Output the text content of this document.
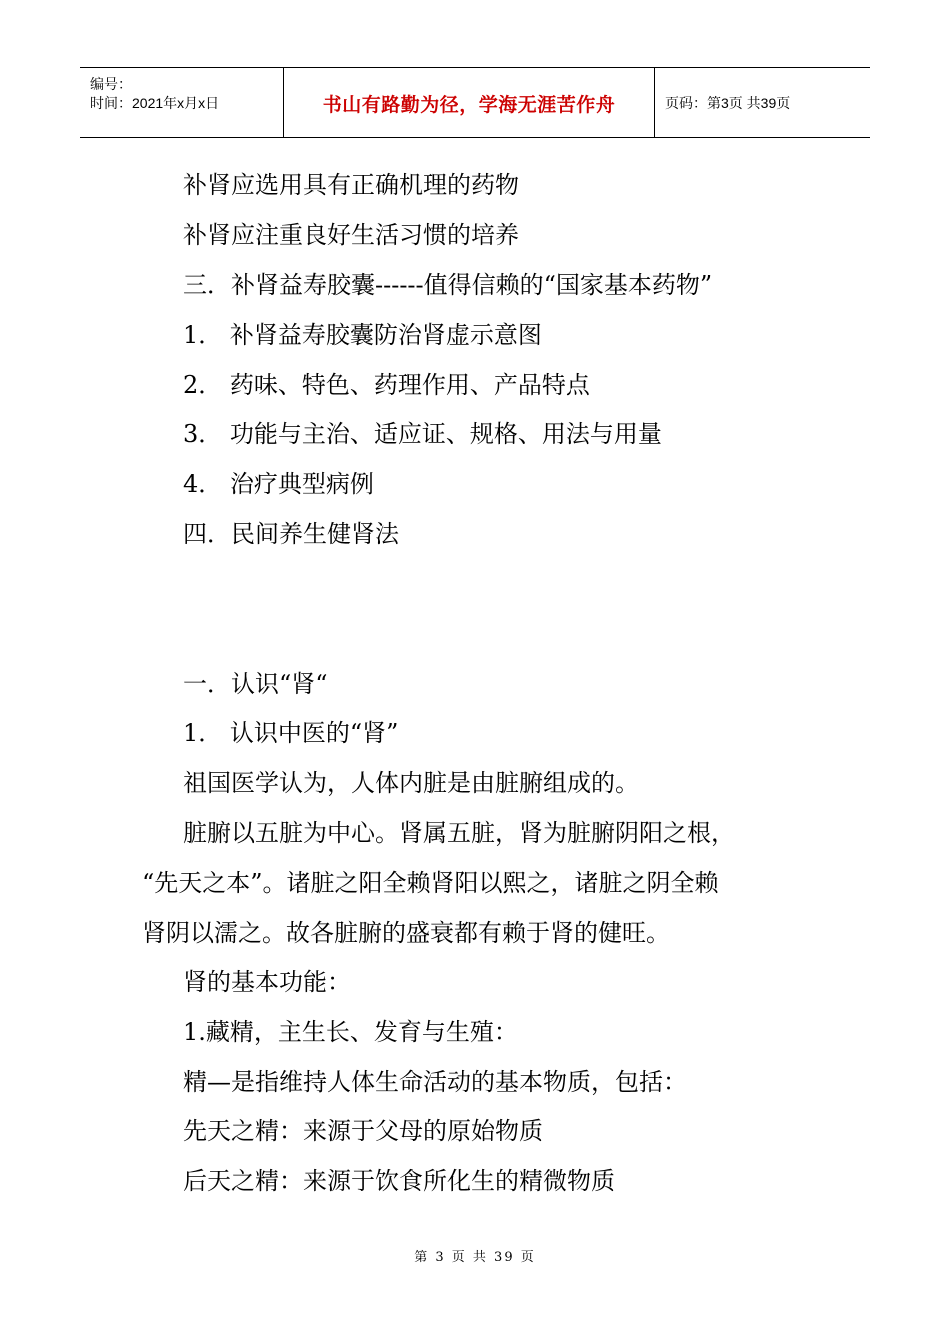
编号：
时间：2021年x月x日	书山有路勤为径，学海无涯苦作舟	页码：第3页 共39页
补肾应选用具有正确机理的药物
补肾应注重良好生活习惯的培养
三．补肾益寿胶囊------值得信赖的“国家基本药物”
1． 补肾益寿胶囊防治肾虚示意图
2． 药味、特色、药理作用、产品特点
3． 功能与主治、适应证、规格、用法与用量
4． 治疗典型病例
四．民间养生健肾法
一．认识“肾“
1． 认识中医的“肾”
祖国医学认为，人体内脏是由脏腑组成的。
脏腑以五脏为中心。肾属五脏，肾为脏腑阴阳之根，
“先天之本”。诸脏之阳全赖肾阳以熙之，诸脏之阴全赖
肾阴以濡之。故各脏腑的盛衰都有赖于肾的健旺。
肾的基本功能：
1.藏精，主生长、发育与生殖：
精—是指维持人体生命活动的基本物质，包括：
先天之精：来源于父母的原始物质
后天之精：来源于饮食所化生的精微物质
第 3 页 共 39 页
